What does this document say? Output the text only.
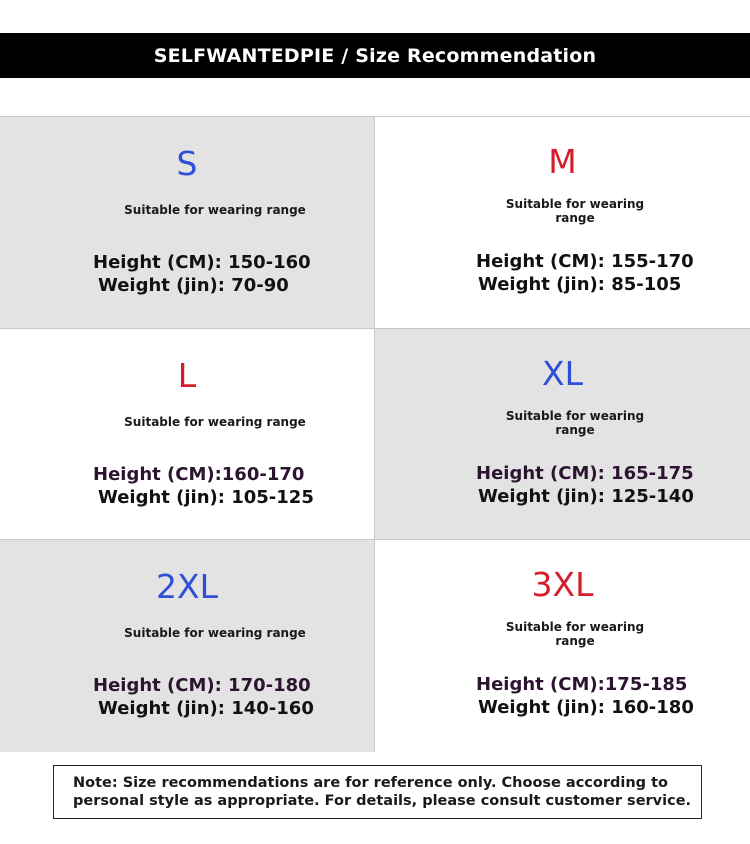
SELFWANTEDPIE / Size Recommendation
S
Suitable for wearing range
Height (CM): 150-160
Weight (jin): 70-90
M
Suitable for wearing range
Height (CM): 155-170
Weight (jin): 85-105
L
Suitable for wearing range
Height (CM):160-170
Weight (jin): 105-125
XL
Suitable for wearing range
Height (CM): 165-175
Weight (jin): 125-140
2XL
Suitable for wearing range
Height (CM): 170-180
Weight (jin): 140-160
3XL
Suitable for wearing range
Height (CM):175-185
Weight (jin): 160-180
Note: Size recommendations are for reference only. Choose according to
personal style as appropriate. For details, please consult customer service.
